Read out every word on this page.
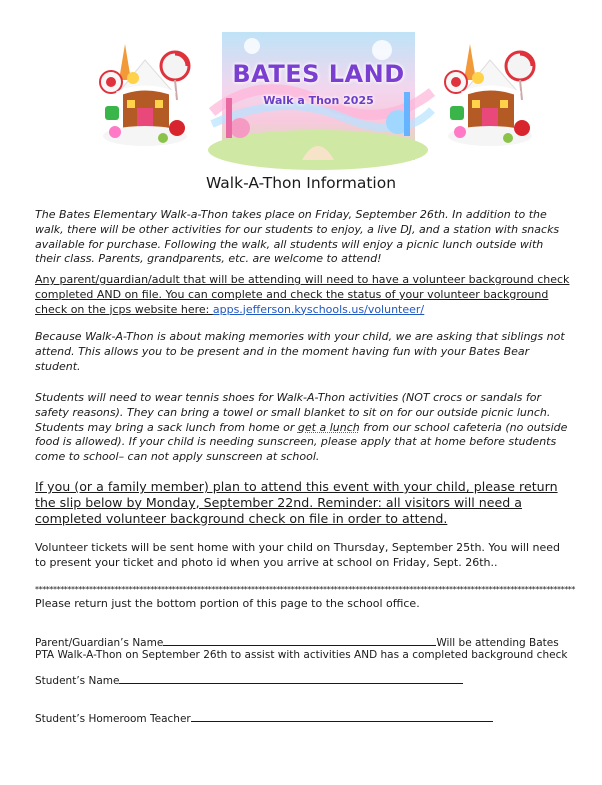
BATES LAND
Walk a Thon 2025
Walk-A-Thon Information
The Bates Elementary Walk-a-Thon takes place on Friday, September 26th. In addition to the walk, there will be other activities for our students to enjoy, a live DJ, and a station with snacks available for purchase. Following the walk, all students will enjoy a picnic lunch outside with their class. Parents, grandparents, etc. are welcome to attend!
Any parent/guardian/adult that will be attending will need to have a volunteer background check completed AND on file. You can complete and check the status of your volunteer background check on the jcps website here: apps.jefferson.kyschools.us/volunteer/
Because Walk-A-Thon is about making memories with your child, we are asking that siblings not attend. This allows you to be present and in the moment having fun with your Bates Bear student.
Students will need to wear tennis shoes for Walk-A-Thon activities (NOT crocs or sandals for safety reasons). They can bring a towel or small blanket to sit on for our outside picnic lunch. Students may bring a sack lunch from home or get a lunch from our school cafeteria (no outside food is allowed). If your child is needing sunscreen, please apply that at home before students come to school– can not apply sunscreen at school.
If you (or a family member) plan to attend this event with your child, please return the slip below by Monday, September 22nd. Reminder: all visitors will need a completed volunteer background check on file in order to attend.
Volunteer tickets will be sent home with your child on Thursday, September 25th. You will need to present your ticket and photo id when you arrive at school on Friday, Sept. 26th..
******************************************************************************************************************************************************
Please return just the bottom portion of this page to the school office.
Parent/Guardian’s Name	Will be attending Bates
PTA Walk-A-Thon on September 26th to assist with activities AND has a completed background check
Student’s Name
Student’s Homeroom Teacher
